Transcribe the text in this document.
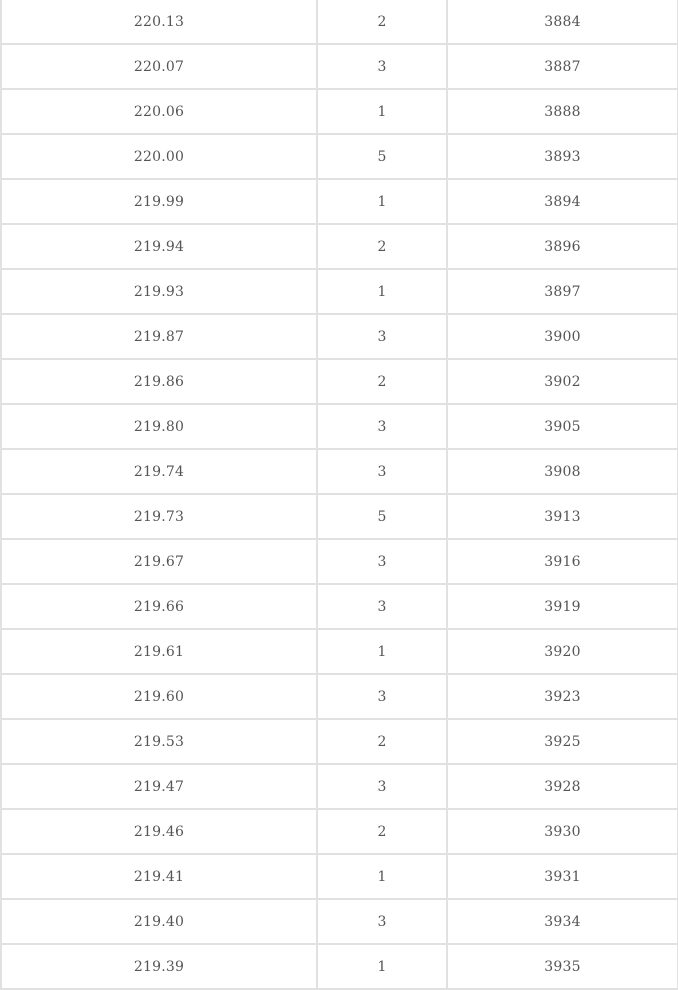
220.13	2	3884
220.07	3	3887
220.06	1	3888
220.00	5	3893
219.99	1	3894
219.94	2	3896
219.93	1	3897
219.87	3	3900
219.86	2	3902
219.80	3	3905
219.74	3	3908
219.73	5	3913
219.67	3	3916
219.66	3	3919
219.61	1	3920
219.60	3	3923
219.53	2	3925
219.47	3	3928
219.46	2	3930
219.41	1	3931
219.40	3	3934
219.39	1	3935
